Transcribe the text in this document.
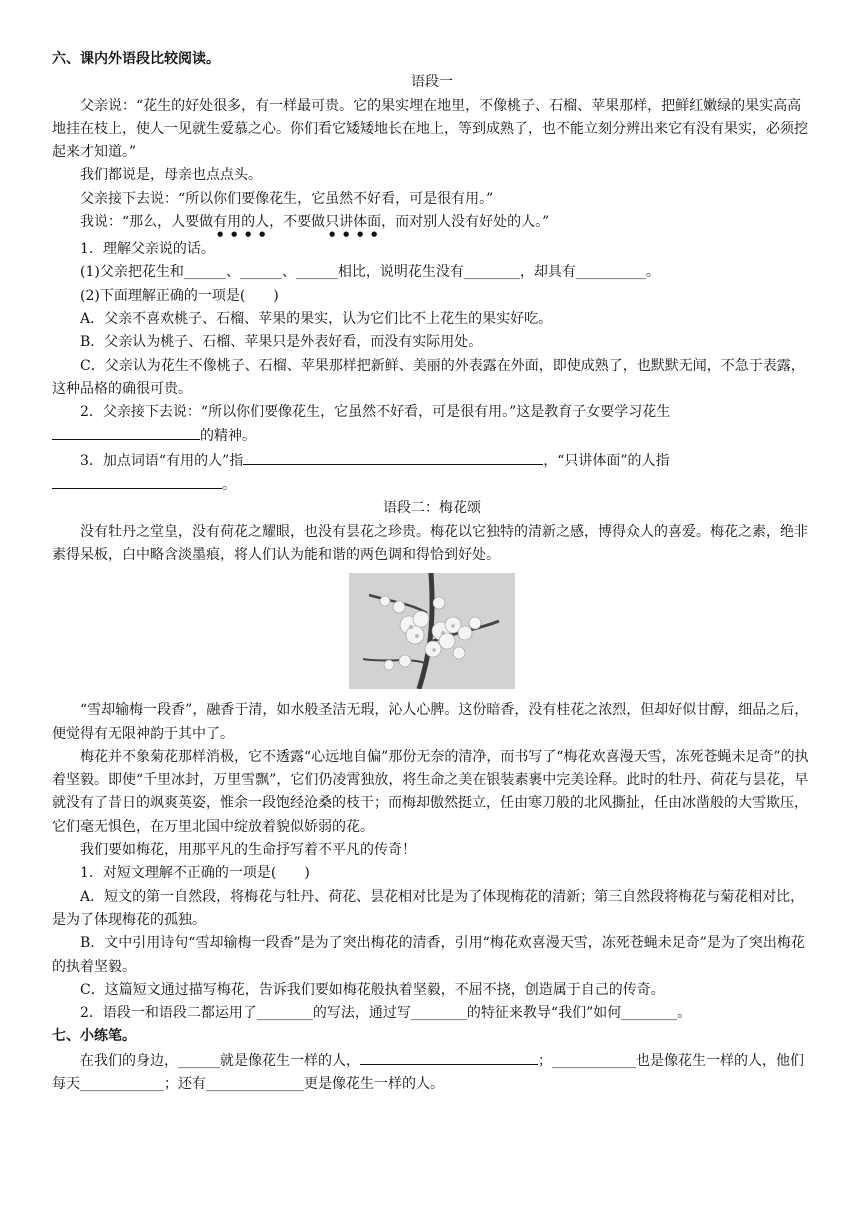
六、课内外语段比较阅读。

语段一

父亲说：“花生的好处很多，有一样最可贵。它的果实埋在地里，不像桃子、石榴、苹果那样，把鲜红嫩绿的果实高高地挂在枝上，使人一见就生爱慕之心。你们看它矮矮地长在地上，等到成熟了，也不能立刻分辨出来它有没有果实，必须挖起来才知道。”

我们都说是，母亲也点点头。

父亲接下去说：“所以你们要像花生，它虽然不好看，可是很有用。”

我说：“那么，人要做有用的人，不要做只讲体面，而对别人没有好处的人。”

1．理解父亲说的话。

(1)父亲把花生和______、______、______相比，说明花生没有________，却具有__________。

(2)下面理解正确的一项是(　　)

A．父亲不喜欢桃子、石榴、苹果的果实，认为它们比不上花生的果实好吃。

B．父亲认为桃子、石榴、苹果只是外表好看，而没有实际用处。

C．父亲认为花生不像桃子、石榴、苹果那样把新鲜、美丽的外表露在外面，即使成熟了，也默默无闻，不急于表露，这种品格的确很可贵。

2．父亲接下去说：“所以你们要像花生，它虽然不好看，可是很有用。”这是教育子女要学习花生的精神。

3．加点词语“有用的人”指	，“只讲体面”的人指。

语段二：梅花颂

没有牡丹之堂皇，没有荷花之耀眼，也没有昙花之珍贵。梅花以它独特的清新之感，博得众人的喜爱。梅花之素，绝非素得呆板，白中略含淡墨痕，将人们认为能和谐的两色调和得恰到好处。

“雪却输梅一段香”，融香于清，如水般圣洁无瑕，沁人心脾。这份暗香，没有桂花之浓烈，但却好似甘醇，细品之后，便觉得有无限神韵于其中了。

梅花并不象菊花那样消极，它不透露“心远地自偏”那份无奈的清净，而书写了“梅花欢喜漫天雪，冻死苍蝇未足奇”的执着坚毅。即使“千里冰封，万里雪飘”，它们仍凌霄独放，将生命之美在银装素裹中完美诠释。此时的牡丹、荷花与昙花，早就没有了昔日的飒爽英姿，惟余一段饱经沧桑的枝干；而梅却傲然挺立，任由寒刀般的北风撕扯，任由冰凿般的大雪欺压，它们毫无惧色，在万里北国中绽放着貌似娇弱的花。

我们要如梅花，用那平凡的生命抒写着不平凡的传奇！

1．对短文理解不正确的一项是(　　)

A．短文的第一自然段，将梅花与牡丹、荷花、昙花相对比是为了体现梅花的清新；第三自然段将梅花与菊花相对比，是为了体现梅花的孤独。

B．文中引用诗句“雪却输梅一段香”是为了突出梅花的清香，引用“梅花欢喜漫天雪，冻死苍蝇未足奇”是为了突出梅花的执着坚毅。

C．这篇短文通过描写梅花，告诉我们要如梅花般执着坚毅，不屈不挠，创造属于自己的传奇。

2．语段一和语段二都运用了________的写法，通过写________的特征来教导“我们”如何________。

七、小练笔。

在我们的身边，______就是像花生一样的人，	；____________也是像花生一样的人，他们每天____________；还有______________更是像花生一样的人。
